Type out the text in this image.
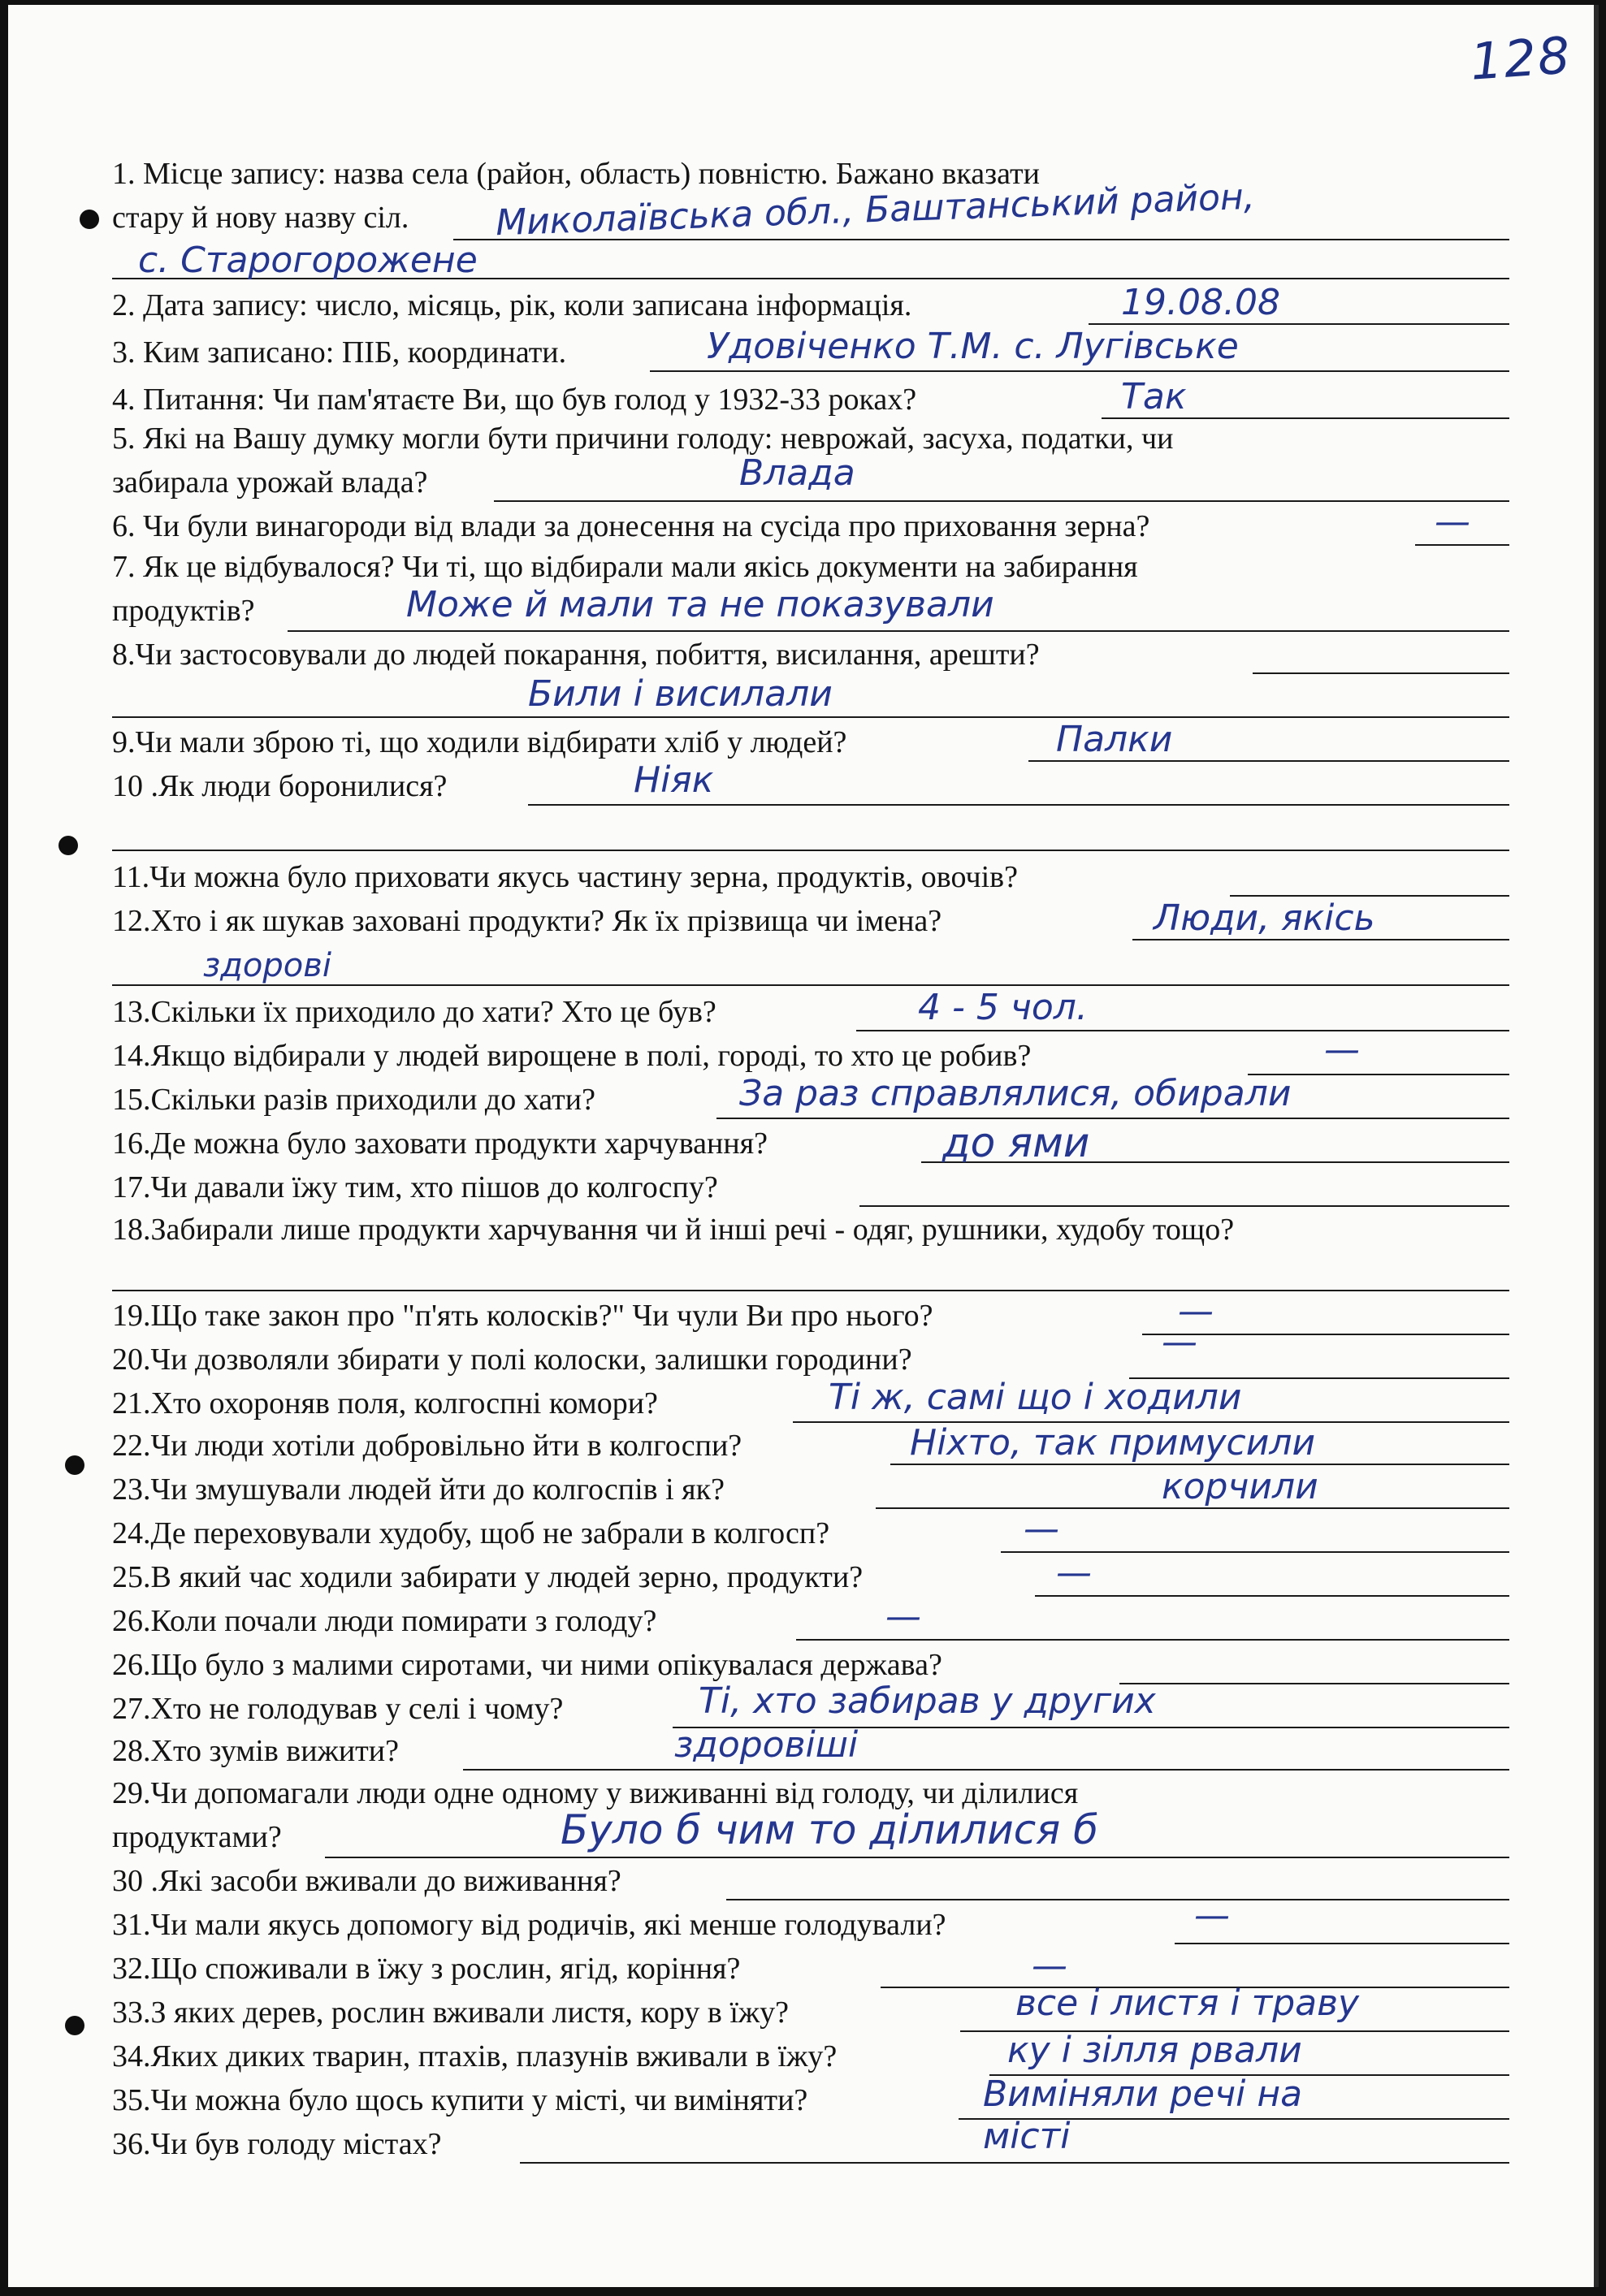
128
1. Місце запису: назва села (район, область) повністю. Бажано вказати
стару й нову назву сіл.	Миколаївська обл., Баштанський район,
с. Старогорожене
2. Дата запису: число, місяць, рік, коли записана інформація.	19.08.08
3. Ким записано: ПІБ, координати.	Удовіченко Т.М. с. Лугівське
4. Питання: Чи пам'ятаєте Ви, що був голод у 1932-33 роках?	Так
5. Які на Вашу думку могли бути причини голоду: неврожай, засуха, податки, чи
забирала урожай влада?	Влада
6. Чи були винагороди від влади за донесення на сусіда про приховання зерна?	—
7. Як це відбувалося? Чи ті, що відбирали мали якісь документи на забирання
продуктів?	Може й мали та не показували
8.Чи застосовували до людей покарання, побиття, висилання, арешти?
Били і висилали
9.Чи мали зброю ті, що ходили відбирати хліб у людей?	Палки
10 .Як люди боронилися?	Ніяк
11.Чи можна було приховати якусь частину зерна, продуктів, овочів?
12.Хто і як шукав заховані продукти? Як їх прізвища чи імена?	Люди, якісь
здорові
13.Скільки їх приходило до хати? Хто це був?	4 - 5 чол.
14.Якщо відбирали у людей вирощене в полі, городі, то хто це робив?	—
15.Скільки разів приходили до хати?	За раз справлялися, обирали
16.Де можна було заховати продукти харчування?	до ями
17.Чи давали їжу тим, хто пішов до колгоспу?
18.Забирали лише продукти харчування чи й інші речі - одяг, рушники, худобу тощо?
19.Що таке закон про "п'ять колосків?" Чи чули Ви про нього?	—
20.Чи дозволяли збирати у полі колоски, залишки городини?	—
21.Хто охороняв поля, колгоспні комори?	Ті ж, самі що і ходили
22.Чи люди хотіли добровільно йти в колгоспи?	Ніхто, так примусили
23.Чи змушували людей йти до колгоспів і як?	корчили
24.Де переховували худобу, щоб не забрали в колгосп?	—
25.В який час ходили забирати у людей зерно, продукти?	—
26.Коли почали люди помирати з голоду?	—
26.Що було з малими сиротами, чи ними опікувалася держава?
27.Хто не голодував у селі і чому?	Ті, хто забирав у других
28.Хто зумів вижити?	здоровіші
29.Чи допомагали люди одне одному у виживанні від голоду, чи ділилися
продуктами?	Було б чим то ділилися б
30 .Які засоби вживали до виживання?
31.Чи мали якусь допомогу від родичів, які менше голодували?	—
32.Що споживали в їжу з рослин, ягід, коріння?	—
33.З яких дерев, рослин вживали листя, кору в їжу?	все і листя і траву
34.Яких диких тварин, птахів, плазунів вживали в їжу?	ку і зілля рвали
35.Чи можна було щось купити у місті, чи виміняти?	Виміняли речі на
36.Чи був голоду містах?	місті
